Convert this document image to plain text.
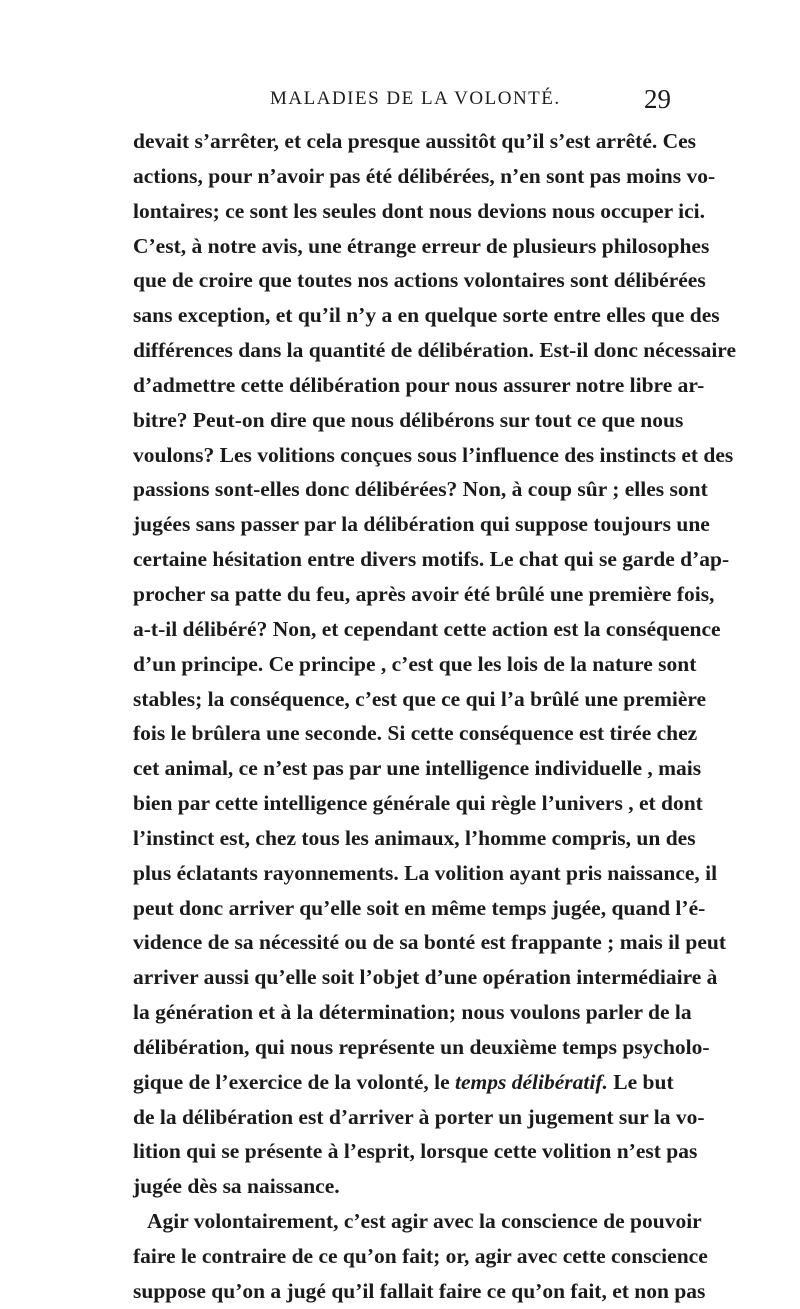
MALADIES DE LA VOLONTÉ.	29
devait s’arrêter, et cela presque aussitôt qu’il s’est arrêté. Ces
actions, pour n’avoir pas été délibérées, n’en sont pas moins vo-
lontaires; ce sont les seules dont nous devions nous occuper ici.
C’est, à notre avis, une étrange erreur de plusieurs philosophes
que de croire que toutes nos actions volontaires sont délibérées
sans exception, et qu’il n’y a en quelque sorte entre elles que des
différences dans la quantité de délibération. Est-il donc nécessaire
d’admettre cette délibération pour nous assurer notre libre ar-
bitre? Peut-on dire que nous délibérons sur tout ce que nous
voulons? Les volitions conçues sous l’influence des instincts et des
passions sont-elles donc délibérées? Non, à coup sûr ; elles sont
jugées sans passer par la délibération qui suppose toujours une
certaine hésitation entre divers motifs. Le chat qui se garde d’ap-
procher sa patte du feu, après avoir été brûlé une première fois,
a-t-il délibéré? Non, et cependant cette action est la conséquence
d’un principe. Ce principe , c’est que les lois de la nature sont
stables; la conséquence, c’est que ce qui l’a brûlé une première
fois le brûlera une seconde. Si cette conséquence est tirée chez
cet animal, ce n’est pas par une intelligence individuelle , mais
bien par cette intelligence générale qui règle l’univers , et dont
l’instinct est, chez tous les animaux, l’homme compris, un des
plus éclatants rayonnements. La volition ayant pris naissance, il
peut donc arriver qu’elle soit en même temps jugée, quand l’é-
vidence de sa nécessité ou de sa bonté est frappante ; mais il peut
arriver aussi qu’elle soit l’objet d’une opération intermédiaire à
la génération et à la détermination; nous voulons parler de la
délibération, qui nous représente un deuxième temps psycholo-
gique de l’exercice de la volonté, le temps délibératif. Le but
de la délibération est d’arriver à porter un jugement sur la vo-
lition qui se présente à l’esprit, lorsque cette volition n’est pas
jugée dès sa naissance.
Agir volontairement, c’est agir avec la conscience de pouvoir
faire le contraire de ce qu’on fait; or, agir avec cette conscience
suppose qu’on a jugé qu’il fallait faire ce qu’on fait, et non pas
